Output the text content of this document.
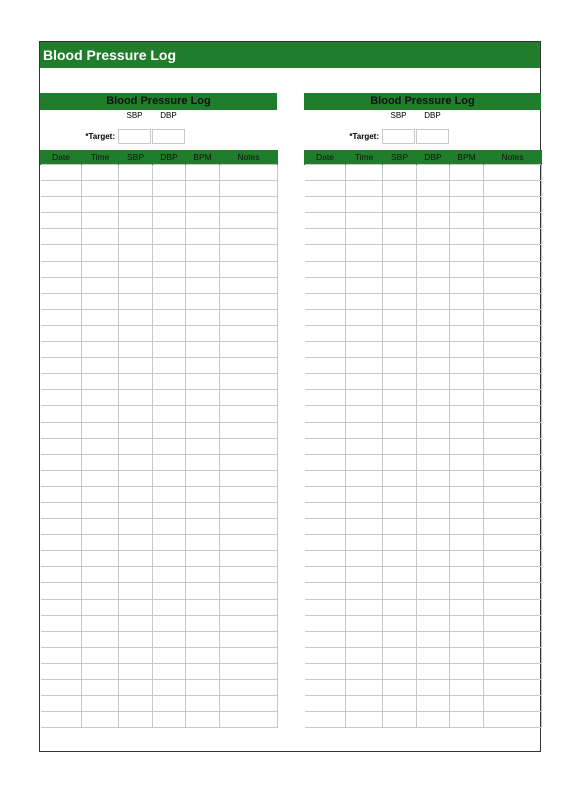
Blood Pressure Log
Blood Pressure Log
SBP	DBP
*Target:
Date	Time	SBP	DBP	BPM	Notes

Blood Pressure Log
SBP	DBP
*Target:
Date	Time	SBP	DBP	BPM	Notes
